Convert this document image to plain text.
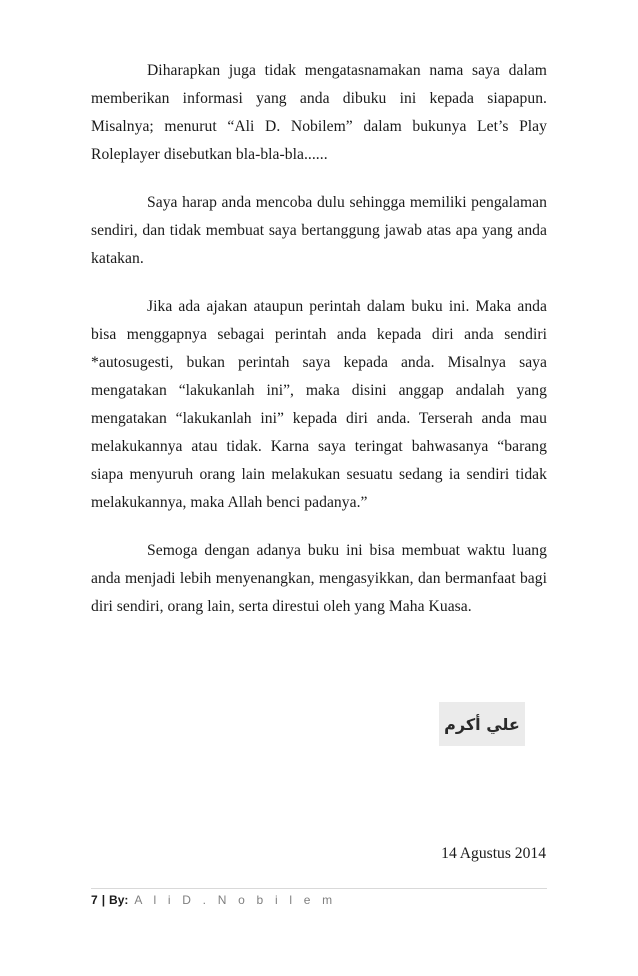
Diharapkan juga tidak mengatasnamakan nama saya dalam memberikan informasi yang anda dibuku ini kepada siapapun. Misalnya; menurut “Ali D. Nobilem” dalam bukunya Let’s Play Roleplayer disebutkan bla-bla-bla......

Saya harap anda mencoba dulu sehingga memiliki pengalaman sendiri, dan tidak membuat saya bertanggung jawab atas apa yang anda katakan.

Jika ada ajakan ataupun perintah dalam buku ini. Maka anda bisa menggapnya sebagai perintah anda kepada diri anda sendiri *autosugesti, bukan perintah saya kepada anda. Misalnya saya mengatakan “lakukanlah ini”, maka disini anggap andalah yang mengatakan “lakukanlah ini” kepada diri anda. Terserah anda mau melakukannya atau tidak. Karna saya teringat bahwasanya “barang siapa menyuruh orang lain melakukan sesuatu sedang ia sendiri tidak melakukannya, maka Allah benci padanya.”

Semoga dengan adanya buku ini bisa membuat waktu luang anda menjadi lebih menyenangkan, mengasyikkan, dan bermanfaat bagi diri sendiri, orang lain, serta direstui oleh yang Maha Kuasa.

علي أكرم
14 Agustus 2014
7 | By: A l i D . N o b i l e m
